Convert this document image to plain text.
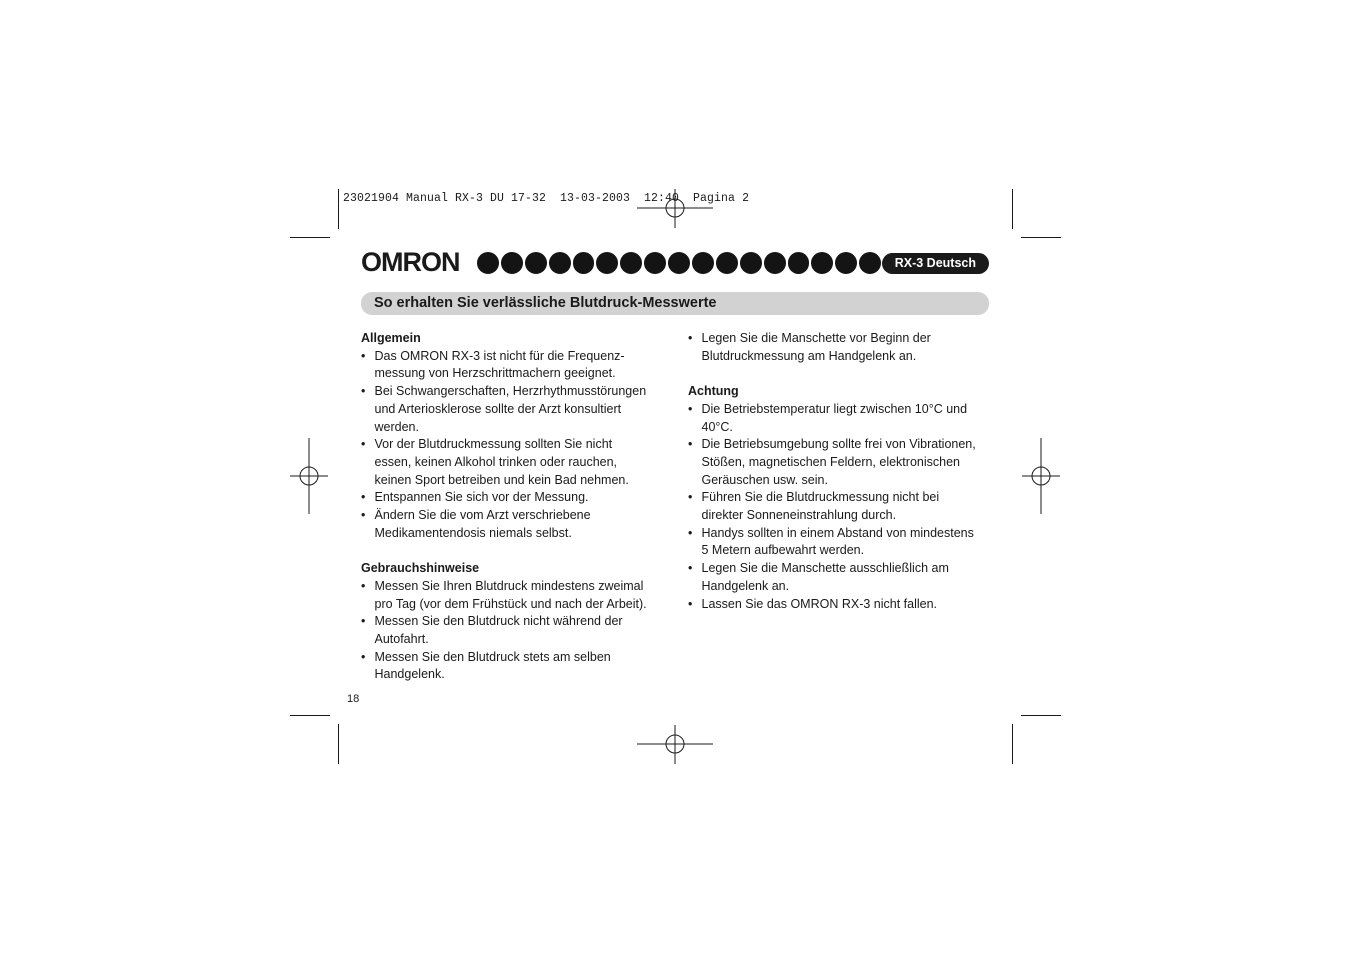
23021904 Manual RX-3 DU 17-32  13-03-2003  12:40  Pagina 2
OMRON	RX-3 Deutsch
So erhalten Sie verlässliche Blutdruck-Messwerte

Allgemein

• Das OMRON RX-3 ist nicht für die Frequenz-
messung von Herzschrittmachern geeignet.
• Bei Schwangerschaften, Herzrhythmusstörungen
und Arteriosklerose sollte der Arzt konsultiert
werden.
• Vor der Blutdruckmessung sollten Sie nicht
essen, keinen Alkohol trinken oder rauchen,
keinen Sport betreiben und kein Bad nehmen.
• Entspannen Sie sich vor der Messung.
• Ändern Sie die vom Arzt verschriebene
Medikamentendosis niemals selbst.

Gebrauchshinweise

• Messen Sie Ihren Blutdruck mindestens zweimal
pro Tag (vor dem Frühstück und nach der Arbeit).
• Messen Sie den Blutdruck nicht während der
Autofahrt.
• Messen Sie den Blutdruck stets am selben
Handgelenk.
• Legen Sie die Manschette vor Beginn der
Blutdruckmessung am Handgelenk an.

Achtung

• Die Betriebstemperatur liegt zwischen 10°C und
40°C.
• Die Betriebsumgebung sollte frei von Vibrationen,
Stößen, magnetischen Feldern, elektronischen
Geräuschen usw. sein.
• Führen Sie die Blutdruckmessung nicht bei
direkter Sonneneinstrahlung durch.
• Handys sollten in einem Abstand von mindestens
5 Metern aufbewahrt werden.
• Legen Sie die Manschette ausschließlich am
Handgelenk an.
• Lassen Sie das OMRON RX-3 nicht fallen.
18
